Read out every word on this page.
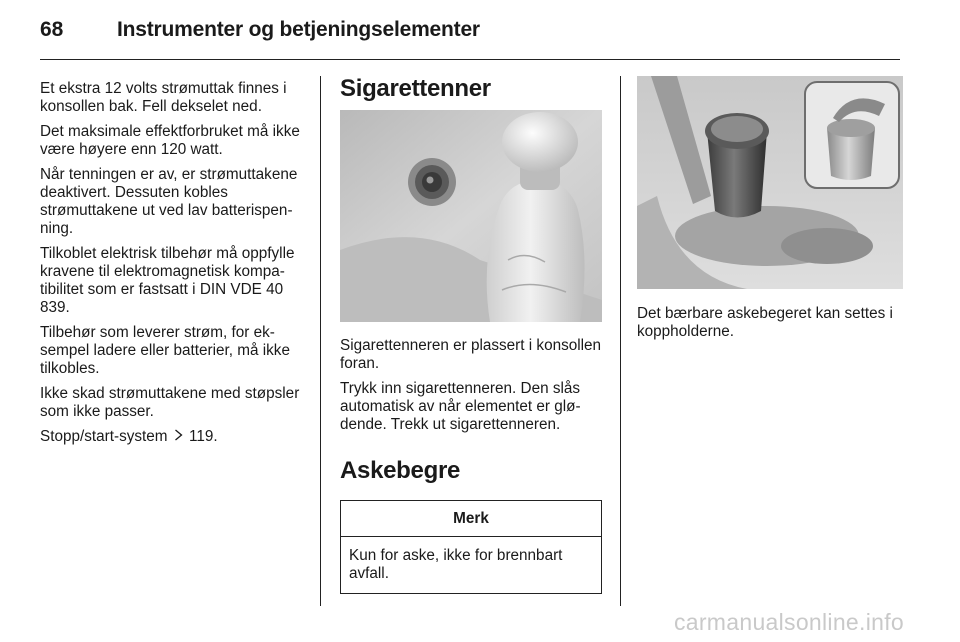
68	Instrumenter og betjeningselementer

Et ekstra 12 volts strømuttak finnes i konsollen bak. Fell dekselet ned.

Det maksimale effektforbruket må ikke være høyere enn 120 watt.

Når tenningen er av, er strømuttakene deaktivert. Dessuten kobles strømuttakene ut ved lav batterispenning.

Tilkoblet elektrisk tilbehør må oppfylle kravene til elektromagnetisk kompatibilitet som er fastsatt i DIN VDE 40 839.

Tilbehør som leverer strøm, for eksempel ladere eller batterier, må ikke tilkobles.

Ikke skad strømuttakene med støpsler som ikke passer.

Stopp/start-system 119.

Sigarettenner

Sigarettenneren er plassert i konsollen foran.

Trykk inn sigarettenneren. Den slås automatisk av når elementet er glødende. Trekk ut sigarettenneren.

Askebegre
Merk
Kun for aske, ikke for brennbart avfall.

Det bærbare askebegeret kan settes i koppholderne.

carmanualsonline.info
